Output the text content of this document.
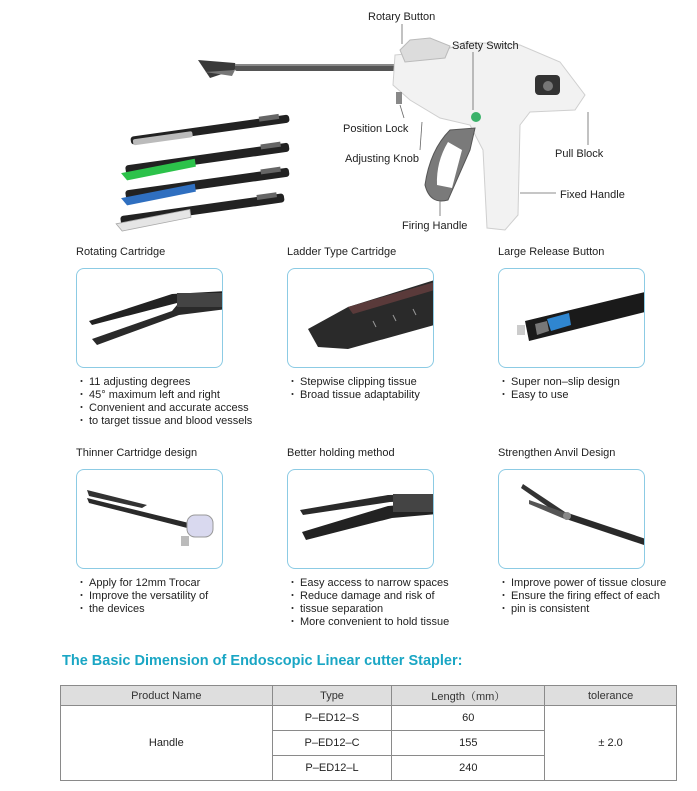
Rotary Button
Safety Switch
Position Lock
Adjusting Knob	Pull Block
Fixed Handle
Firing Handle
Rotating Cartridge
・ 11 adjusting degrees
・ 45° maximum left and right
・ Convenient and accurate access
・ to target tissue and blood vessels
Ladder Type Cartridge
・ Stepwise clipping tissue
・ Broad tissue adaptability
Large Release Button
・ Super non–slip design
・ Easy to use
Thinner Cartridge design
・ Apply for 12mm Trocar
・ Improve the versatility of
・ the devices
Better holding method
・ Easy access to narrow spaces
・ Reduce damage and risk of
・ tissue separation
・ More convenient to hold tissue
Strengthen Anvil Design
・ Improve power of tissue closure
・ Ensure the firing effect of each
・ pin is consistent
The Basic Dimension of Endoscopic Linear cutter Stapler:
Product Name	Type	Length（mm）	tolerance
Handle	P–ED12–S	60	± 2.0
	P–ED12–C	155	
	P–ED12–L	240	
